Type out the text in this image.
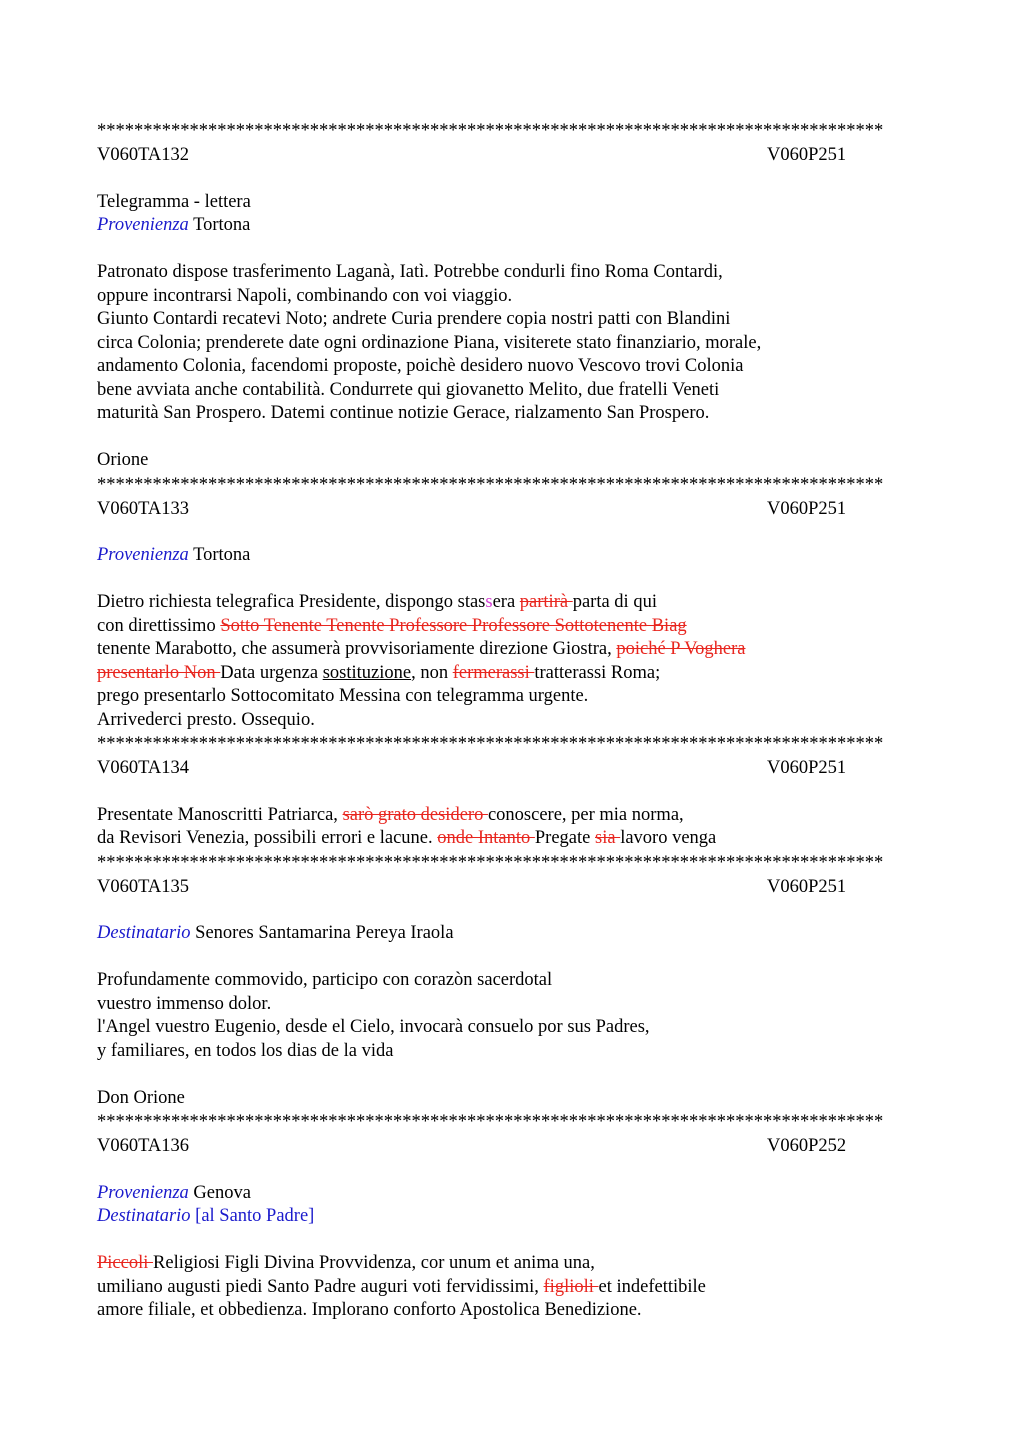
*************************************************************************************
V060TA132	V060P251
Telegramma - lettera
Provenienza Tortona
Patronato dispose trasferimento Laganà, Iatì. Potrebbe condurli fino Roma Contardi,
oppure incontrarsi Napoli, combinando con voi viaggio.
Giunto Contardi recatevi Noto; andrete Curia prendere copia nostri patti con Blandini
circa Colonia; prenderete date ogni ordinazione Piana, visiterete stato finanziario, morale,
andamento Colonia, facendomi proposte, poichè desidero nuovo Vescovo trovi Colonia
bene avviata anche contabilità. Condurrete qui giovanetto Melito, due fratelli Veneti
maturità San Prospero. Datemi continue notizie Gerace, rialzamento San Prospero.
Orione
*************************************************************************************
V060TA133	V060P251
Provenienza Tortona
Dietro richiesta telegrafica Presidente, dispongo stassera partirà parta di qui
con direttissimo Sotto Tenente Tenente Professore Professore Sottotenente Biag
tenente Marabotto, che assumerà provvisoriamente direzione Giostra, poiché P Voghera
presentarlo Non Data urgenza sostituzione, non fermerassi tratterassi Roma;
prego presentarlo Sottocomitato Messina con telegramma urgente.
Arrivederci presto. Ossequio.
*************************************************************************************
V060TA134	V060P251
Presentate Manoscritti Patriarca, sarò grato desidero conoscere, per mia norma,
da Revisori Venezia, possibili errori e lacune. onde Intanto Pregate sia lavoro venga
*************************************************************************************
V060TA135	V060P251
Destinatario Senores Santamarina Pereya Iraola
Profundamente commovido, participo con corazòn sacerdotal
vuestro immenso dolor.
l'Angel vuestro Eugenio, desde el Cielo, invocarà consuelo por sus Padres,
y familiares, en todos los dias de la vida
Don Orione
*************************************************************************************
V060TA136	V060P252
Provenienza Genova
Destinatario [al Santo Padre]
Piccoli Religiosi Figli Divina Provvidenza, cor unum et anima una,
umiliano augusti piedi Santo Padre auguri voti fervidissimi, figlioli et indefettibile
amore filiale, et obbedienza. Implorano conforto Apostolica Benedizione.
